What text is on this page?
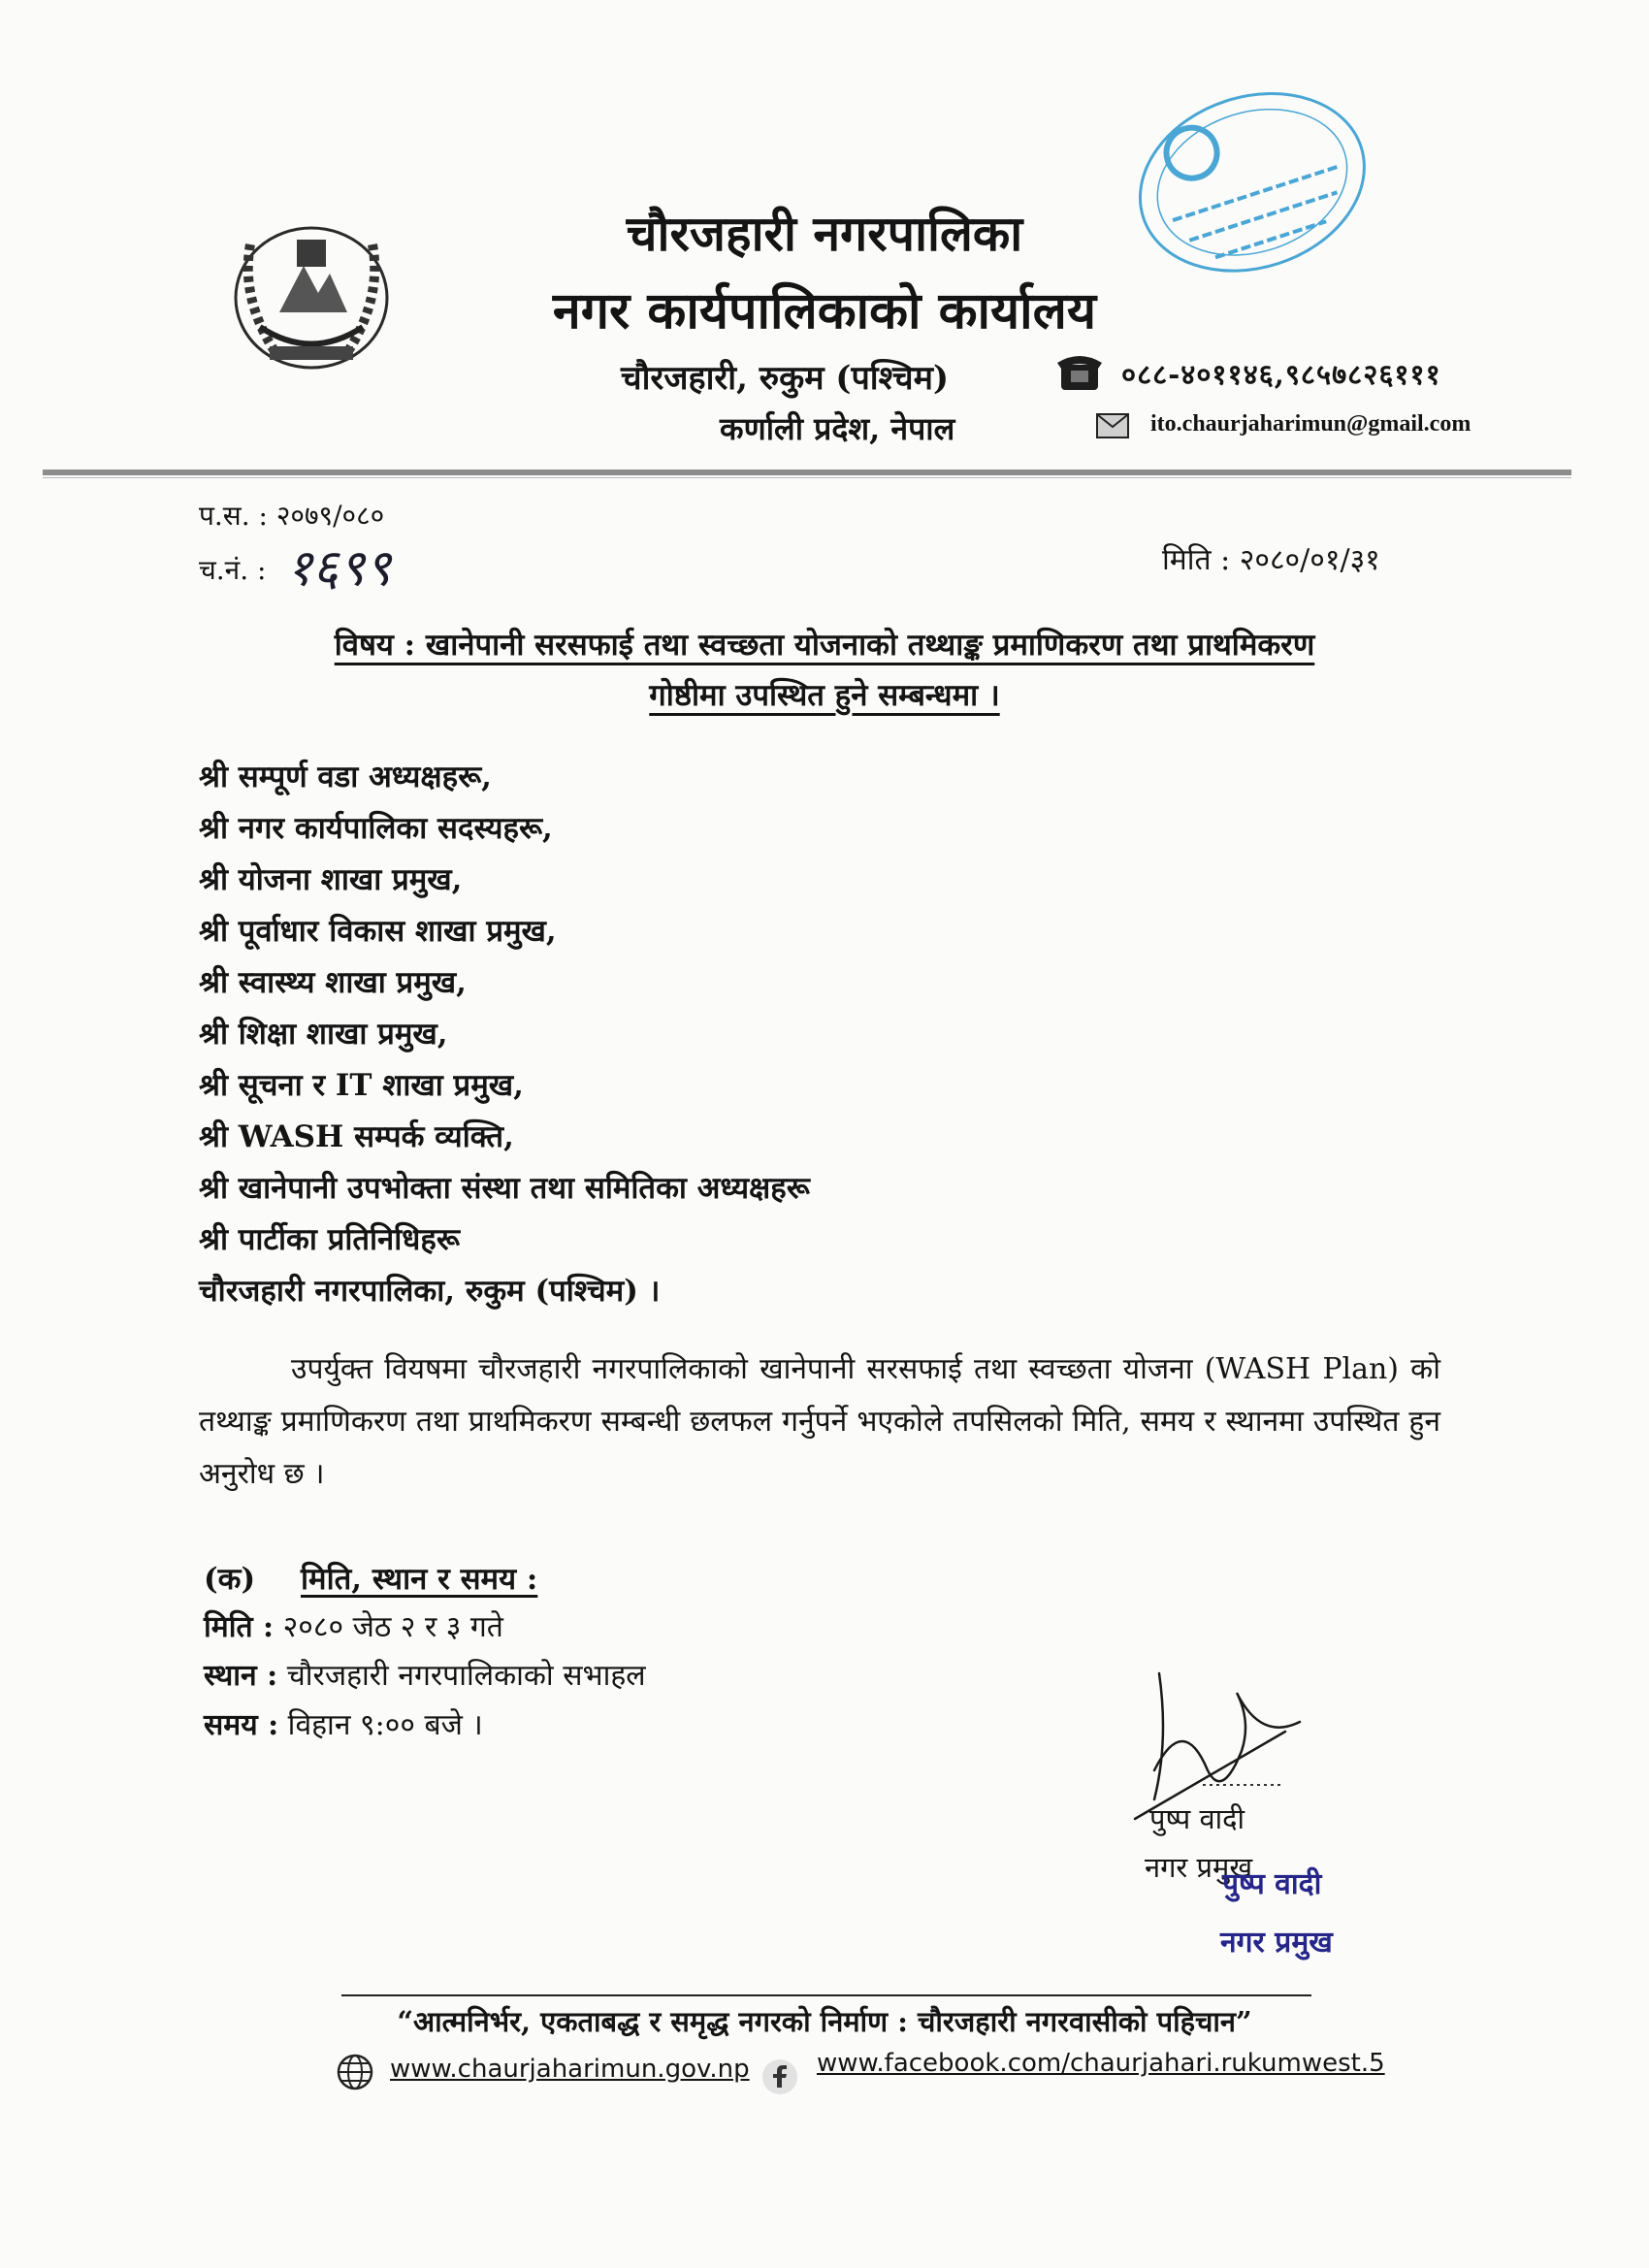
चौरजहारी नगरपालिका
नगर कार्यपालिकाको कार्यालय
चौरजहारी, रुकुम (पश्चिम)
कर्णाली प्रदेश, नेपाल
०८८-४०११४६,९८५७८२६१११
ito.chaurjaharimun@gmail.com
प.स. : २०७९/०८०
च.नं. : १६९९	मिति : २०८०/०१/३१
विषय : खानेपानी सरसफाई तथा स्वच्छता योजनाको तथ्थाङ्क प्रमाणिकरण तथा प्राथमिकरण
गोष्ठीमा उपस्थित हुने सम्बन्धमा ।
श्री सम्पूर्ण वडा अध्यक्षहरू,
श्री नगर कार्यपालिका सदस्यहरू,
श्री योजना शाखा प्रमुख,
श्री पूर्वाधार विकास शाखा प्रमुख,
श्री स्वास्थ्य शाखा प्रमुख,
श्री शिक्षा शाखा प्रमुख,
श्री सूचना र IT शाखा प्रमुख,
श्री WASH सम्पर्क व्यक्ति,
श्री खानेपानी उपभोक्ता संस्था तथा समितिका अध्यक्षहरू
श्री पार्टीका प्रतिनिधिहरू
चौरजहारी नगरपालिका, रुकुम (पश्चिम) ।
उपर्युक्त वियषमा चौरजहारी नगरपालिकाको खानेपानी सरसफाई तथा स्वच्छता योजना (WASH Plan) को तथ्थाङ्क प्रमाणिकरण तथा प्राथमिकरण सम्बन्धी छलफल गर्नुपर्ने भएकोले तपसिलको मिति, समय र स्थानमा उपस्थित हुन अनुरोध छ ।
(क) मिति, स्थान र समय :
मिति : २०८० जेठ २ र ३ गते
स्थान : चौरजहारी नगरपालिकाको सभाहल
समय : विहान ९:०० बजे ।
पुष्प वादी
नगर प्रमुख
पुष्प वादी
नगर प्रमुख
“आत्मनिर्भर, एकताबद्ध र समृद्ध नगरको निर्माण : चौरजहारी नगरवासीको पहिचान”
www.chaurjaharimun.gov.np	www.facebook.com/chaurjahari.rukumwest.5
